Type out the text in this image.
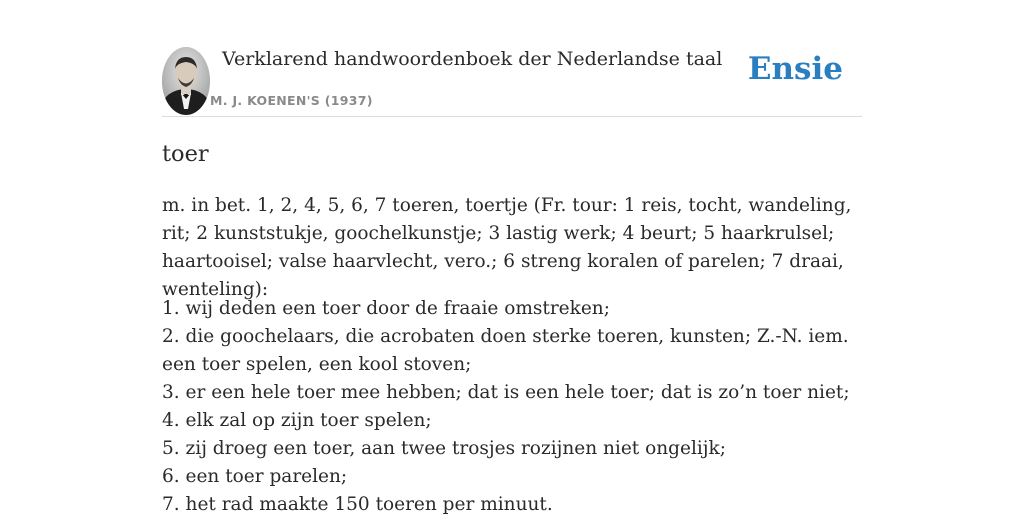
Verklarend handwoordenboek der Nederlandse taal
M. J. KOENEN'S (1937)
Ensie
toer

m. in bet. 1, 2, 4, 5, 6, 7 toeren, toertje (Fr. tour: 1 reis, tocht, wandeling, rit; 2 kunststukje, goochelkunstje; 3 lastig werk; 4 beurt; 5 haarkrulsel; haartooisel; valse haarvlecht, vero.; 6 streng koralen of parelen; 7 draai, wenteling):

1. wij deden een toer door de fraaie omstreken;
2. die goochelaars, die acrobaten doen sterke toeren, kunsten; Z.-N. iem. een toer spelen, een kool stoven;
3. er een hele toer mee hebben; dat is een hele toer; dat is zo’n toer niet;
4. elk zal op zijn toer spelen;
5. zij droeg een toer, aan twee trosjes rozijnen niet ongelijk;
6. een toer parelen;
7. het rad maakte 150 toeren per minuut.
